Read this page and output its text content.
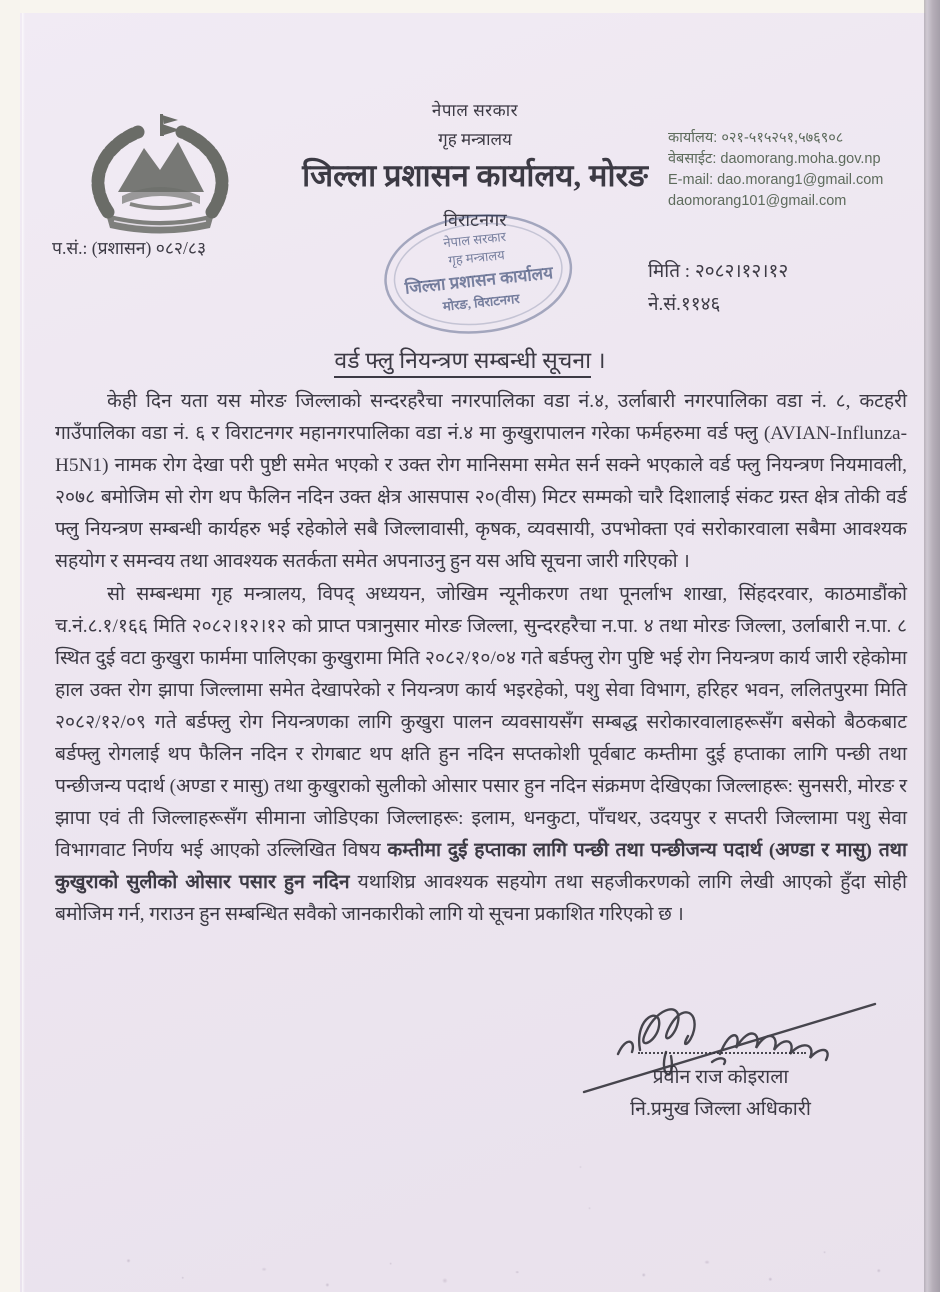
नेपाल सरकार
गृह मन्त्रालय
जिल्ला प्रशासन कार्यालय, मोरङ
विराटनगर
कार्यालय: ०२१-५१५२५१,५७६९०८
वेबसाईट: daomorang.moha.gov.np
E-mail: dao.morang1@gmail.com
daomorang101@gmail.com
प.सं.: (प्रशासन) ०८२/८३	नेपाल सरकार
गृह मन्त्रालय
जिल्ला प्रशासन कार्यालय
मोरङ, विराटनगर
मिति : २०८२।१२।१२
ने.सं.११४६
वर्ड फ्लु नियन्त्रण सम्बन्धी सूचना ।

केही दिन यता यस मोरङ जिल्लाको सन्दरहरैचा नगरपालिका वडा नं.४, उर्लाबारी नगरपालिका वडा नं. ८, कटहरी गाउँपालिका वडा नं. ६ र विराटनगर महानगरपालिका वडा नं.४ मा कुखुरापालन गरेका फर्महरुमा वर्ड फ्लु (AVIAN-Influnza-H5N1) नामक रोग देखा परी पुष्टी समेत भएको र उक्त रोग मानिसमा समेत सर्न सक्ने भएकाले वर्ड फ्लु नियन्त्रण नियमावली, २०७८ बमोजिम सो रोग थप फैलिन नदिन उक्त क्षेत्र आसपास २०(वीस) मिटर सम्मको चारै दिशालाई संकट ग्रस्त क्षेत्र तोकी वर्ड फ्लु नियन्त्रण सम्बन्धी कार्यहरु भई रहेकोले सबै जिल्लावासी, कृषक, व्यवसायी, उपभोक्ता एवं सरोकारवाला सबैमा आवश्यक सहयोग र समन्वय तथा आवश्यक सतर्कता समेत अपनाउनु हुन यस अघि सूचना जारी गरिएको ।

सो सम्बन्धमा गृह मन्त्रालय, विपद् अध्ययन, जोखिम न्यूनीकरण तथा पूनर्लाभ शाखा, सिंहदरवार, काठमाडौंको च.नं.८.१/१६६ मिति २०८२।१२।१२ को प्राप्त पत्रानुसार मोरङ जिल्ला, सुन्दरहरैचा न.पा. ४ तथा मोरङ जिल्ला, उर्लाबारी न.पा. ८ स्थित दुई वटा कुखुरा फार्ममा पालिएका कुखुरामा मिति २०८२/१०/०४ गते बर्डफ्लु रोग पुष्टि भई रोग नियन्त्रण कार्य जारी रहेकोमा हाल उक्त रोग झापा जिल्लामा समेत देखापरेको र नियन्त्रण कार्य भइरहेको, पशु सेवा विभाग, हरिहर भवन, ललितपुरमा मिति २०८२/१२/०९ गते बर्डफ्लु रोग नियन्त्रणका लागि कुखुरा पालन व्यवसायसँग सम्बद्ध सरोकारवालाहरूसँग बसेको बैठकबाट बर्डफ्लु रोगलाई थप फैलिन नदिन र रोगबाट थप क्षति हुन नदिन सप्तकोशी पूर्वबाट कम्तीमा दुई हप्ताका लागि पन्छी तथा पन्छीजन्य पदार्थ (अण्डा र मासु) तथा कुखुराको सुलीको ओसार पसार हुन नदिन संक्रमण देखिएका जिल्लाहरू: सुनसरी, मोरङ र झापा एवं ती जिल्लाहरूसँग सीमाना जोडिएका जिल्लाहरू: इलाम, धनकुटा, पाँचथर, उदयपुर र सप्तरी जिल्लामा पशु सेवा विभागवाट निर्णय भई आएको उल्लिखित विषय कम्तीमा दुई हप्ताका लागि पन्छी तथा पन्छीजन्य पदार्थ (अण्डा र मासु) तथा कुखुराको सुलीको ओसार पसार हुन नदिन यथाशिघ्र आवश्यक सहयोग तथा सहजीकरणको लागि लेखी आएको हुँदा सोही बमोजिम गर्न, गराउन हुन सम्बन्धित सवैको जानकारीको लागि यो सूचना प्रकाशित गरिएको छ ।

प्रवीन राज कोइराला
नि.प्रमुख जिल्ला अधिकारी
